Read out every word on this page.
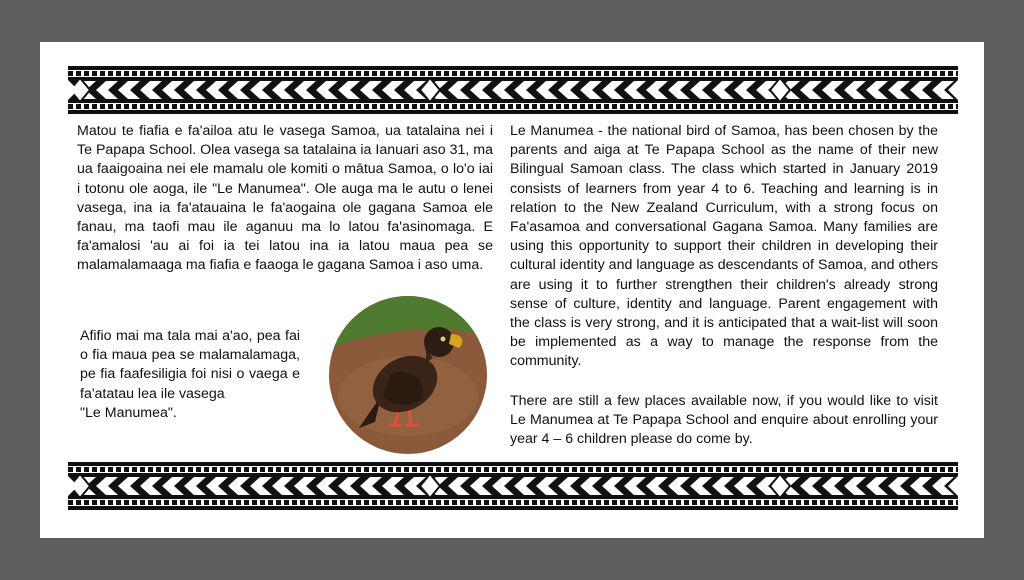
Matou te fiafia e fa'ailoa atu le vasega Samoa, ua tatalaina nei i Te Papapa School. Olea vasega sa tatalaina ia Ianuari aso 31, ma ua faaigoaina nei ele mamalu ole komiti o mātua Samoa, o lo'o iai i totonu ole aoga, ile "Le Manumea". Ole auga ma le autu o lenei vasega, ina ia fa'atauaina le fa'aogaina ole gagana Samoa ele fanau, ma taofi mau ile aganuu ma lo latou fa'asinomaga. E fa'amalosi 'au ai foi ia tei latou ina ia latou maua pea se malamalamaaga ma fiafia e faaoga le gagana Samoa i aso uma.

Afifio mai ma tala mai a'ao, pea fai o fia maua pea se malamalamaga, pe fia faafesiligia foi nisi o vaega e fa'atatau lea ile vasega
"Le Manumea".

Le Manumea - the national bird of Samoa, has been chosen by the parents and aiga at Te Papapa School as the name of their new Bilingual Samoan class. The class which started in January 2019 consists of learners from year 4 to 6. Teaching and learning is in relation to the New Zealand Curriculum, with a strong focus on Fa'asamoa and conversational Gagana Samoa. Many families are using this opportunity to support their children in developing their cultural identity and language as descendants of Samoa, and others are using it to further strengthen their children's already strong sense of culture, identity and language. Parent engagement with the class is very strong, and it is anticipated that a wait-list will soon be implemented as a way to manage the response from the community.

There are still a few places available now, if you would like to visit Le Manumea at Te Papapa School and enquire about enrolling your year 4 – 6 children please do come by.
